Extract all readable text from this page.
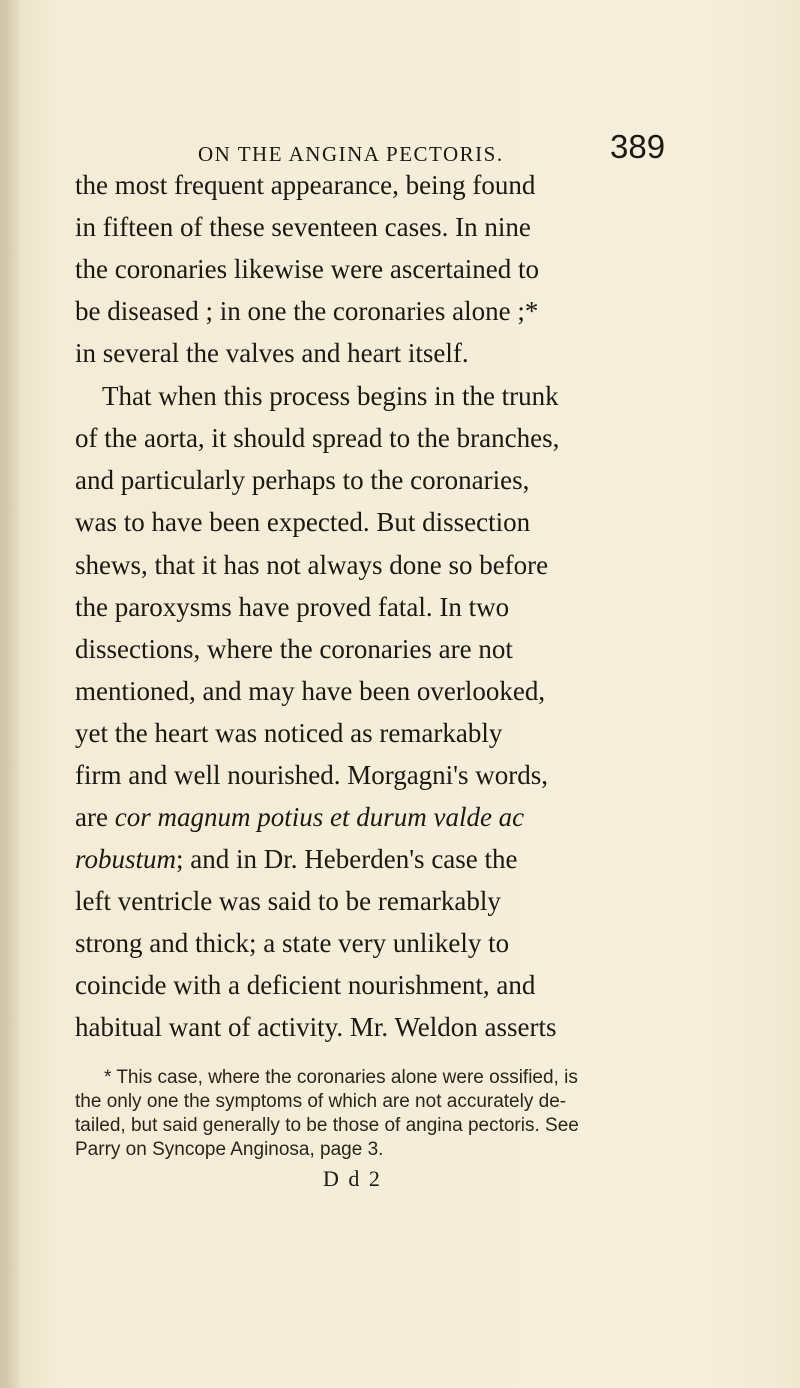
ON THE ANGINA PECTORIS.	389
the most frequent appearance, being found
in fifteen of these seventeen cases. In nine
the coronaries likewise were ascertained to
be diseased ; in one the coronaries alone ;*
in several the valves and heart itself.
That when this process begins in the trunk
of the aorta, it should spread to the branches,
and particularly perhaps to the coronaries,
was to have been expected. But dissection
shews, that it has not always done so before
the paroxysms have proved fatal. In two
dissections, where the coronaries are not
mentioned, and may have been overlooked,
yet the heart was noticed as remarkably
firm and well nourished. Morgagni's words,
are cor magnum potius et durum valde ac
robustum; and in Dr. Heberden's case the
left ventricle was said to be remarkably
strong and thick; a state very unlikely to
coincide with a deficient nourishment, and
habitual want of activity. Mr. Weldon asserts
* This case, where the coronaries alone were ossified, is
the only one the symptoms of which are not accurately de-
tailed, but said generally to be those of angina pectoris. See
Parry on Syncope Anginosa, page 3.
D d 2
